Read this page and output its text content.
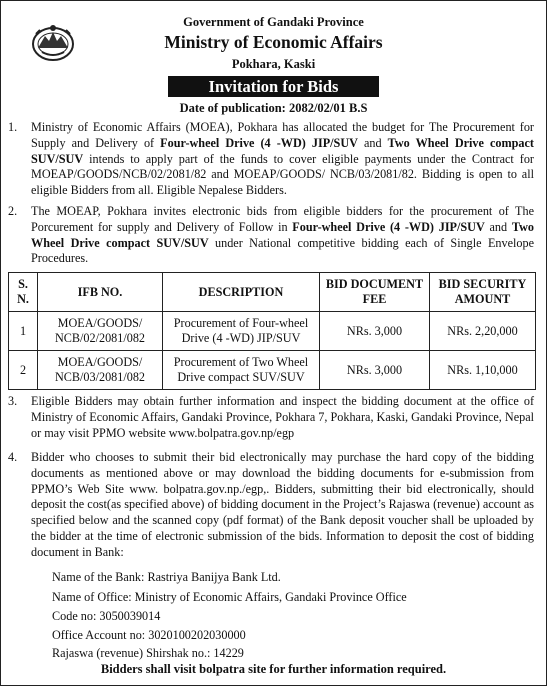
Government of Gandaki Province
Ministry of Economic Affairs
Pokhara, Kaski
Invitation for Bids
Date of publication: 2082/02/01 B.S
1. Ministry of Economic Affairs (MOEA), Pokhara has allocated the budget for The Procurement for Supply and Delivery of Four-wheel Drive (4 -WD) JIP/SUV and Two Wheel Drive compact SUV/SUV intends to apply part of the funds to cover eligible payments under the Contract for MOEAP/GOODS/NCB/02/2081/82 and MOEAP/GOODS/ NCB/03/2081/82. Bidding is open to all eligible Bidders from all. Eligible Nepalese Bidders.
2. The MOEAP, Pokhara invites electronic bids from eligible bidders for the procurement of The Porcurement for supply and Delivery of Follow in Four-wheel Drive (4 -WD) JIP/SUV and Two Wheel Drive compact SUV/SUV under National competitive bidding each of Single Envelope Procedures.
S. N.	IFB NO.	DESCRIPTION	BID DOCUMENT FEE	BID SECURITY AMOUNT
1	MOEA/GOODS/ NCB/02/2081/082	Procurement of Four-wheel Drive (4 -WD) JIP/SUV	NRs. 3,000	NRs. 2,20,000
2	MOEA/GOODS/ NCB/03/2081/082	Procurement of Two Wheel Drive compact SUV/SUV	NRs. 3,000	NRs. 1,10,000
3. Eligible Bidders may obtain further information and inspect the bidding document at the office of Ministry of Economic Affairs, Gandaki Province, Pokhara 7, Pokhara, Kaski, Gandaki Province, Nepal or may visit PPMO website www.bolpatra.gov.np/egp
4. Bidder who chooses to submit their bid electronically may purchase the hard copy of the bidding documents as mentioned above or may download the bidding documents for e-submission from PPMO’s Web Site www. bolpatra.gov.np./egp,. Bidders, submitting their bid electronically, should deposit the cost(as specified above) of bidding document in the Project’s Rajaswa (revenue) account as specified below and the scanned copy (pdf format) of the Bank deposit voucher shall be uploaded by the bidder at the time of electronic submission of the bids. Information to deposit the cost of bidding document in Bank:
Name of the Bank: Rastriya Banijya Bank Ltd.
Name of Office: Ministry of Economic Affairs, Gandaki Province Office
Code no: 3050039014
Office Account no: 3020100202030000
Rajaswa (revenue) Shirshak no.: 14229
Bidders shall visit bolpatra site for further information required.
